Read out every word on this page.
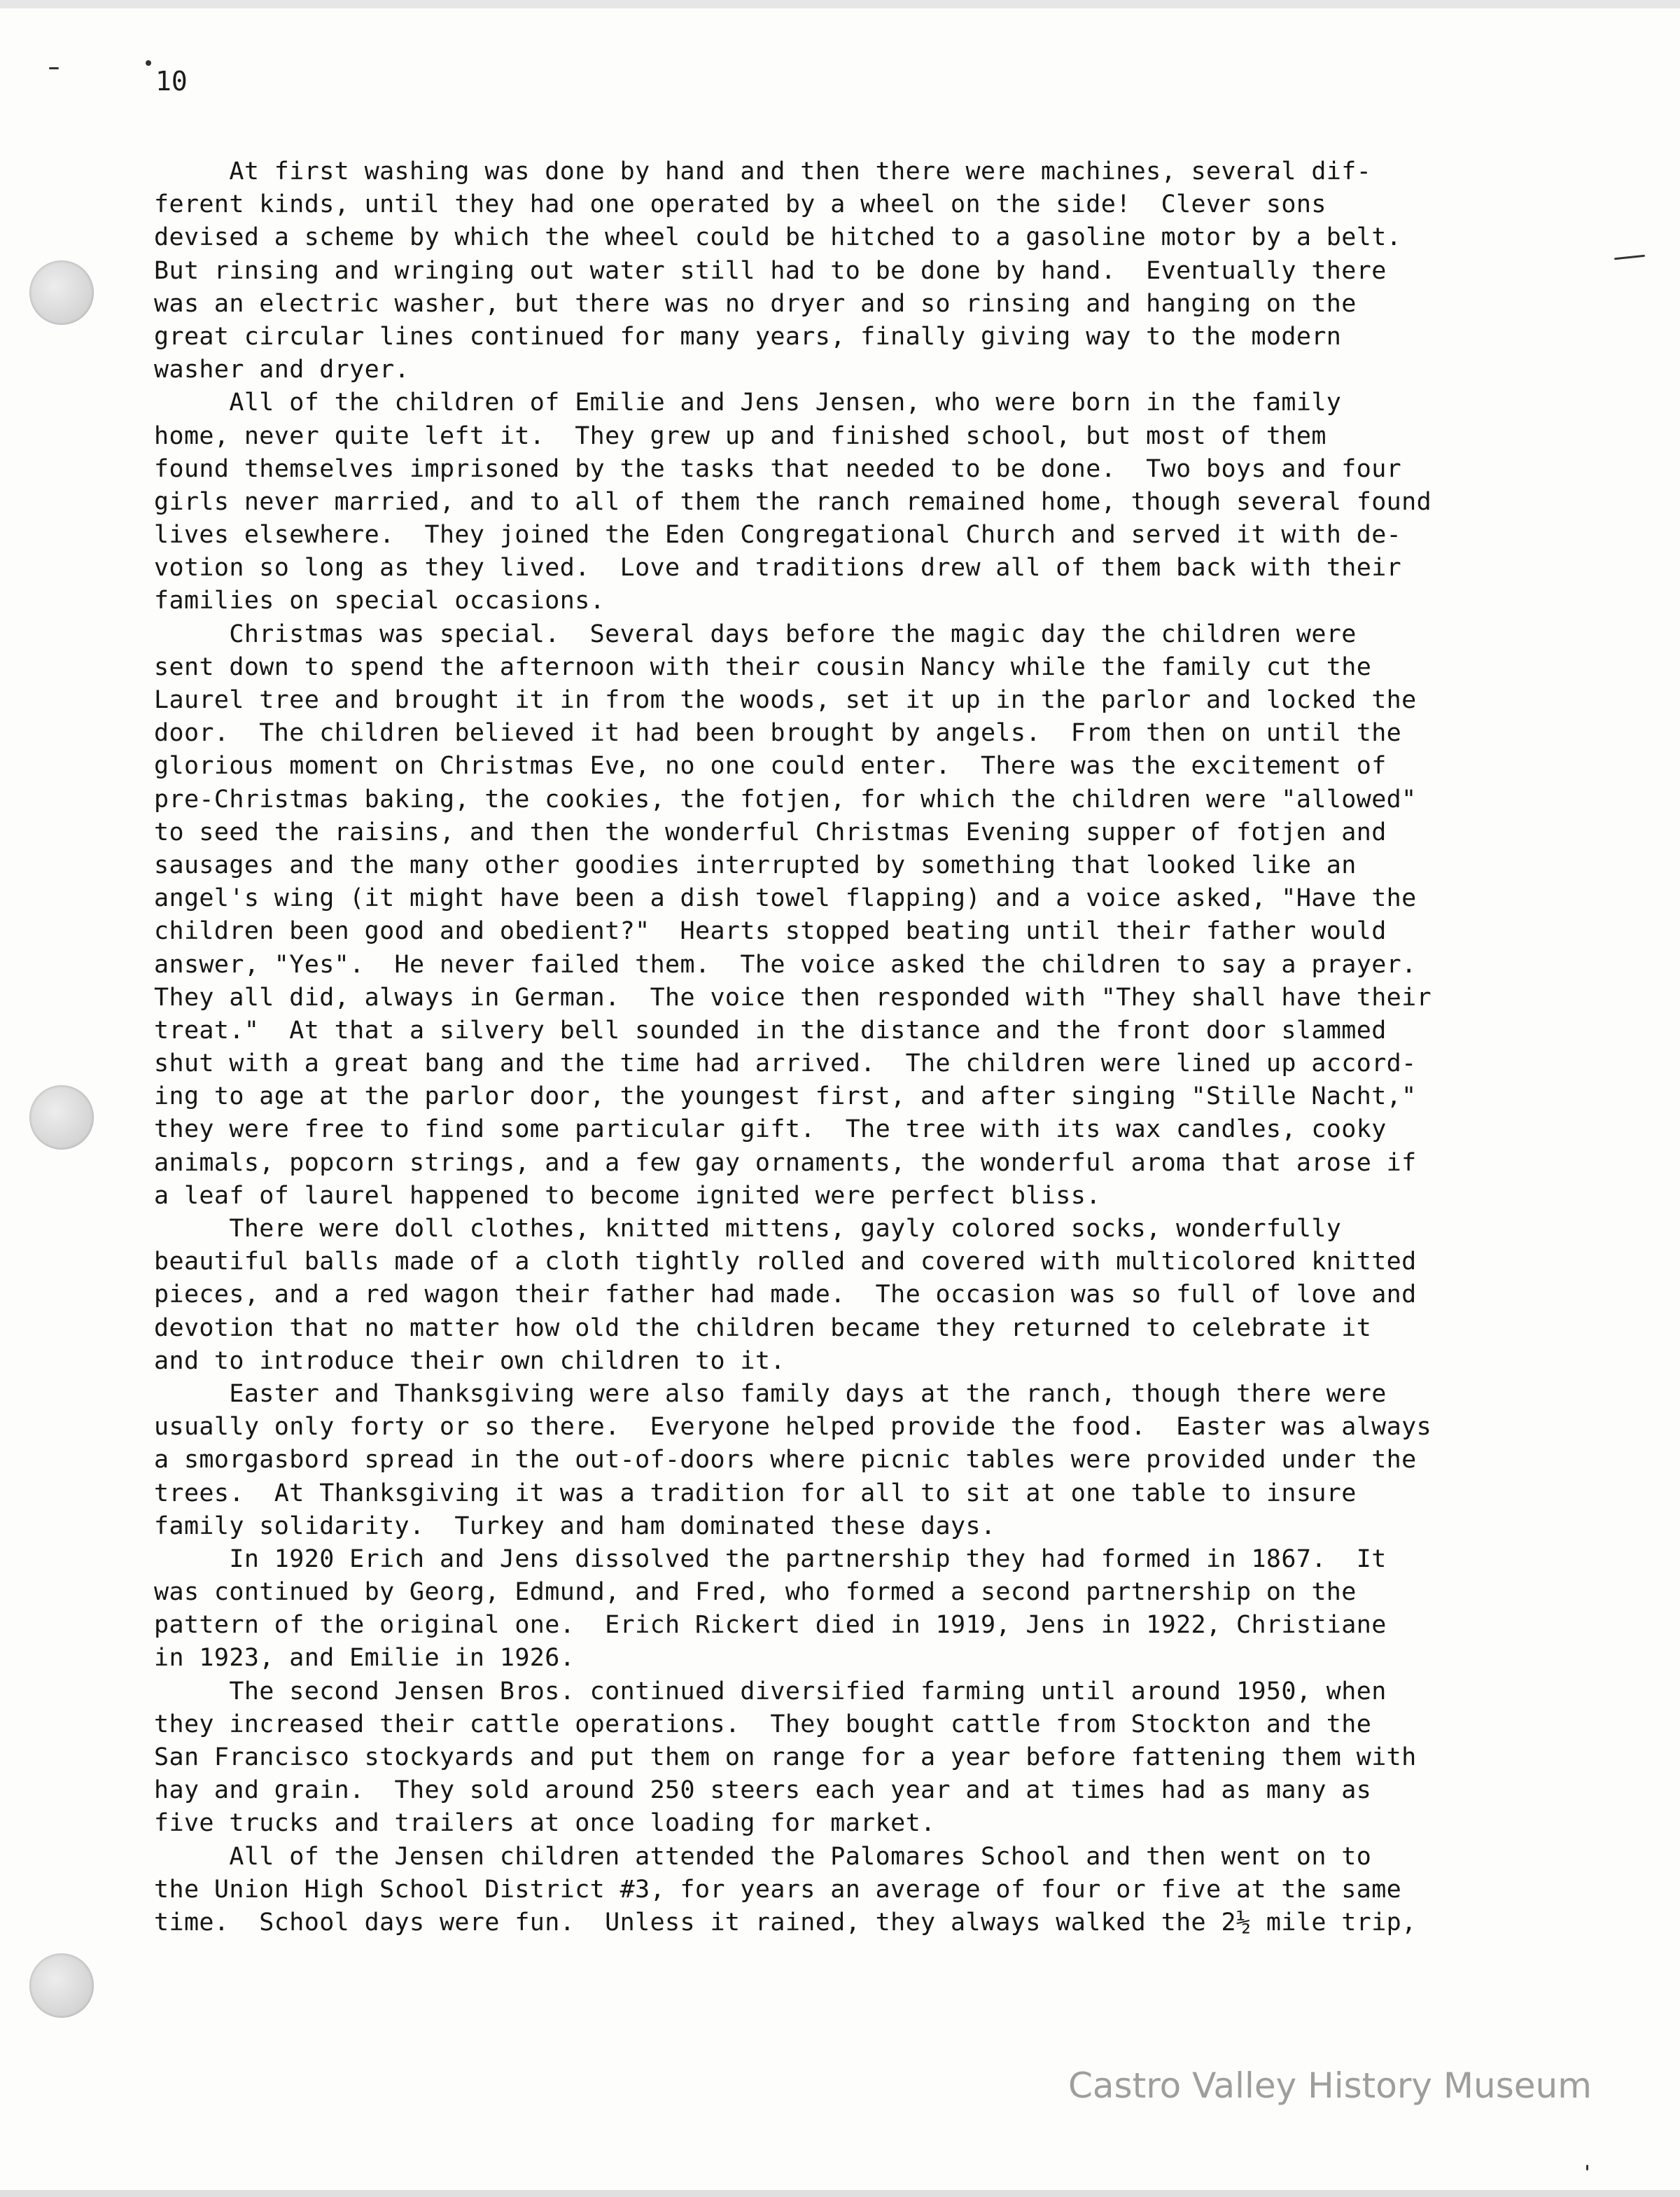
10
At first washing was done by hand and then there were machines, several dif-
ferent kinds, until they had one operated by a wheel on the side!  Clever sons
devised a scheme by which the wheel could be hitched to a gasoline motor by a belt.
But rinsing and wringing out water still had to be done by hand.  Eventually there
was an electric washer, but there was no dryer and so rinsing and hanging on the
great circular lines continued for many years, finally giving way to the modern
washer and dryer.
All of the children of Emilie and Jens Jensen, who were born in the family
home, never quite left it.  They grew up and finished school, but most of them
found themselves imprisoned by the tasks that needed to be done.  Two boys and four
girls never married, and to all of them the ranch remained home, though several found
lives elsewhere.  They joined the Eden Congregational Church and served it with de-
votion so long as they lived.  Love and traditions drew all of them back with their
families on special occasions.
Christmas was special.  Several days before the magic day the children were
sent down to spend the afternoon with their cousin Nancy while the family cut the
Laurel tree and brought it in from the woods, set it up in the parlor and locked the
door.  The children believed it had been brought by angels.  From then on until the
glorious moment on Christmas Eve, no one could enter.  There was the excitement of
pre-Christmas baking, the cookies, the fotjen, for which the children were "allowed"
to seed the raisins, and then the wonderful Christmas Evening supper of fotjen and
sausages and the many other goodies interrupted by something that looked like an
angel's wing (it might have been a dish towel flapping) and a voice asked, "Have the
children been good and obedient?"  Hearts stopped beating until their father would
answer, "Yes".  He never failed them.  The voice asked the children to say a prayer.
They all did, always in German.  The voice then responded with "They shall have their
treat."  At that a silvery bell sounded in the distance and the front door slammed
shut with a great bang and the time had arrived.  The children were lined up accord-
ing to age at the parlor door, the youngest first, and after singing "Stille Nacht,"
they were free to find some particular gift.  The tree with its wax candles, cooky
animals, popcorn strings, and a few gay ornaments, the wonderful aroma that arose if
a leaf of laurel happened to become ignited were perfect bliss.
There were doll clothes, knitted mittens, gayly colored socks, wonderfully
beautiful balls made of a cloth tightly rolled and covered with multicolored knitted
pieces, and a red wagon their father had made.  The occasion was so full of love and
devotion that no matter how old the children became they returned to celebrate it
and to introduce their own children to it.
Easter and Thanksgiving were also family days at the ranch, though there were
usually only forty or so there.  Everyone helped provide the food.  Easter was always
a smorgasbord spread in the out-of-doors where picnic tables were provided under the
trees.  At Thanksgiving it was a tradition for all to sit at one table to insure
family solidarity.  Turkey and ham dominated these days.
In 1920 Erich and Jens dissolved the partnership they had formed in 1867.  It
was continued by Georg, Edmund, and Fred, who formed a second partnership on the
pattern of the original one.  Erich Rickert died in 1919, Jens in 1922, Christiane
in 1923, and Emilie in 1926.
The second Jensen Bros. continued diversified farming until around 1950, when
they increased their cattle operations.  They bought cattle from Stockton and the
San Francisco stockyards and put them on range for a year before fattening them with
hay and grain.  They sold around 250 steers each year and at times had as many as
five trucks and trailers at once loading for market.
All of the Jensen children attended the Palomares School and then went on to
the Union High School District #3, for years an average of four or five at the same
time.  School days were fun.  Unless it rained, they always walked the 2½ mile trip,
Castro Valley History Museum
